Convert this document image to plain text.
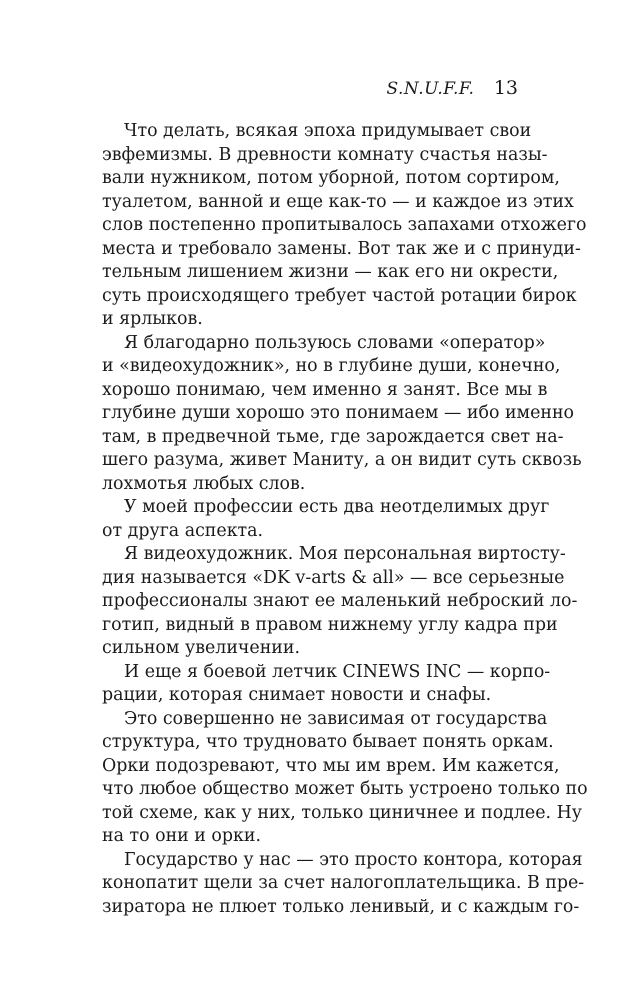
S.N.U.F.F. 13
Что делать, всякая эпоха придумывает свои
эвфемизмы. В древности комнату счастья назы-
вали нужником, потом уборной, потом сортиром,
туалетом, ванной и еще как-то — и каждое из этих
слов постепенно пропитывалось запахами отхожего
места и требовало замены. Вот так же и с принуди-
тельным лишением жизни — как его ни окрести,
суть происходящего требует частой ротации бирок
и ярлыков.
Я благодарно пользуюсь словами «оператор»
и «видеохудожник», но в глубине души, конечно,
хорошо понимаю, чем именно я занят. Все мы в
глубине души хорошо это понимаем — ибо именно
там, в предвечной тьме, где зарождается свет на-
шего разума, живет Маниту, а он видит суть сквозь
лохмотья любых слов.
У моей профессии есть два неотделимых друг
от друга аспекта.
Я видеохудожник. Моя персональная виртосту-
дия называется «DK v-arts & all» — все серьезные
профессионалы знают ее маленький неброский ло-
готип, видный в правом нижнему углу кадра при
сильном увеличении.
И еще я боевой летчик CINEWS INC — корпо-
рации, которая снимает новости и снафы.
Это совершенно не зависимая от государства
структура, что трудновато бывает понять оркам.
Орки подозревают, что мы им врем. Им кажется,
что любое общество может быть устроено только по
той схеме, как у них, только циничнее и подлее. Ну
на то они и орки.
Государство у нас — это просто контора, которая
конопатит щели за счет налогоплательщика. В пре-
зиратора не плюет только ленивый, и с каждым го-
